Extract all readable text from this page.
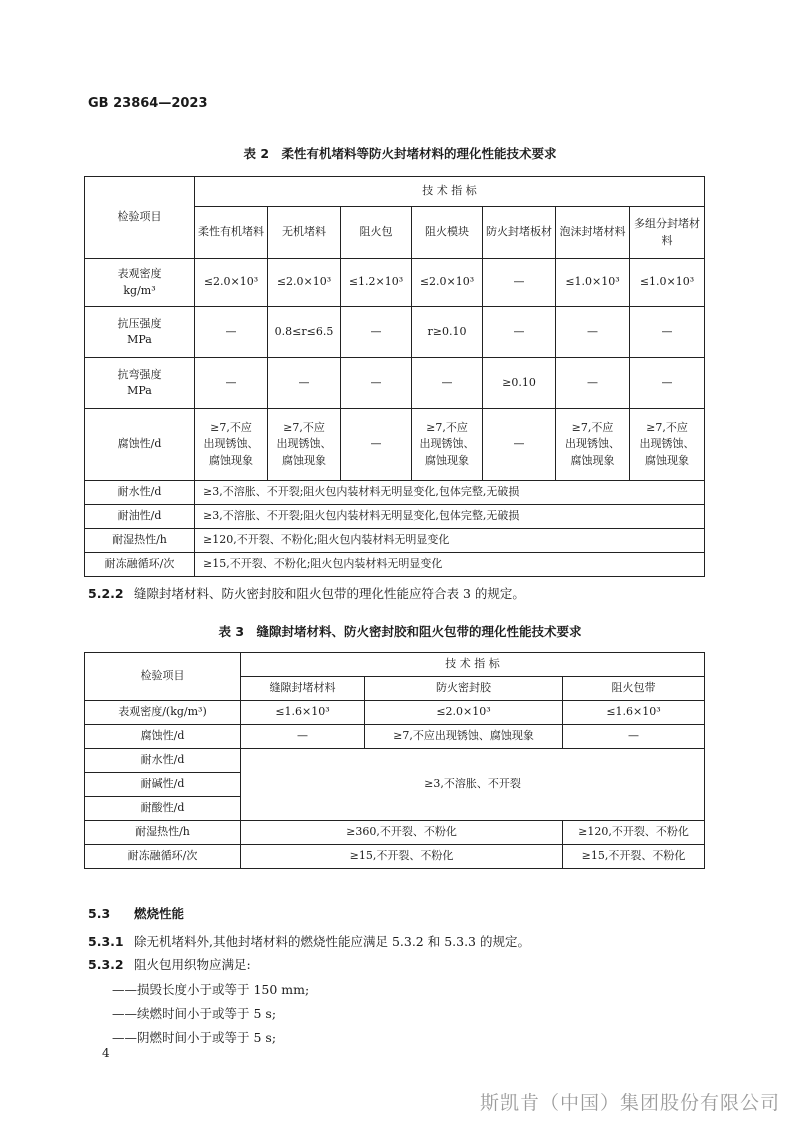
GB 23864—2023
表 2　柔性有机堵料等防火封堵材料的理化性能技术要求
检验项目	技 术 指 标						
	柔性有机堵料	无机堵料	阻火包	阻火模块	防火封堵板材	泡沫封堵材料	多组分封堵材料
表观密度
kg/m³	≤2.0×10³	≤2.0×10³	≤1.2×10³	≤2.0×10³	—	≤1.0×10³	≤1.0×10³
抗压强度
MPa	—	0.8≤r≤6.5	—	r≥0.10	—	—	—
抗弯强度
MPa	—	—	—	—	≥0.10	—	—
腐蚀性/d	≥7,不应
出现锈蚀、
腐蚀现象	≥7,不应
出现锈蚀、
腐蚀现象	—	≥7,不应
出现锈蚀、
腐蚀现象	—	≥7,不应
出现锈蚀、
腐蚀现象	≥7,不应
出现锈蚀、
腐蚀现象
耐水性/d	≥3,不溶胀、不开裂;阻火包内装材料无明显变化,包体完整,无破损						
耐油性/d	≥3,不溶胀、不开裂;阻火包内装材料无明显变化,包体完整,无破损						
耐湿热性/h	≥120,不开裂、不粉化;阻火包内装材料无明显变化						
耐冻融循环/次	≥15,不开裂、不粉化;阻火包内装材料无明显变化						
5.2.2 缝隙封堵材料、防火密封胶和阻火包带的理化性能应符合表 3 的规定。
表 3　缝隙封堵材料、防火密封胶和阻火包带的理化性能技术要求
检验项目	技 术 指 标		
	缝隙封堵材料	防火密封胶	阻火包带
表观密度/(kg/m³)	≤1.6×10³	≤2.0×10³	≤1.6×10³
腐蚀性/d	—	≥7,不应出现锈蚀、腐蚀现象	—
耐水性/d	≥3,不溶胀、不开裂		
耐碱性/d			
耐酸性/d			
耐湿热性/h	≥360,不开裂、不粉化		≥120,不开裂、不粉化
耐冻融循环/次	≥15,不开裂、不粉化		≥15,不开裂、不粉化
5.3 燃烧性能
5.3.1 除无机堵料外,其他封堵材料的燃烧性能应满足 5.3.2 和 5.3.3 的规定。
5.3.2 阻火包用织物应满足:
——损毁长度小于或等于 150 mm;
——续燃时间小于或等于 5 s;
——阴燃时间小于或等于 5 s;
4
斯凯肯（中国）集团股份有限公司
